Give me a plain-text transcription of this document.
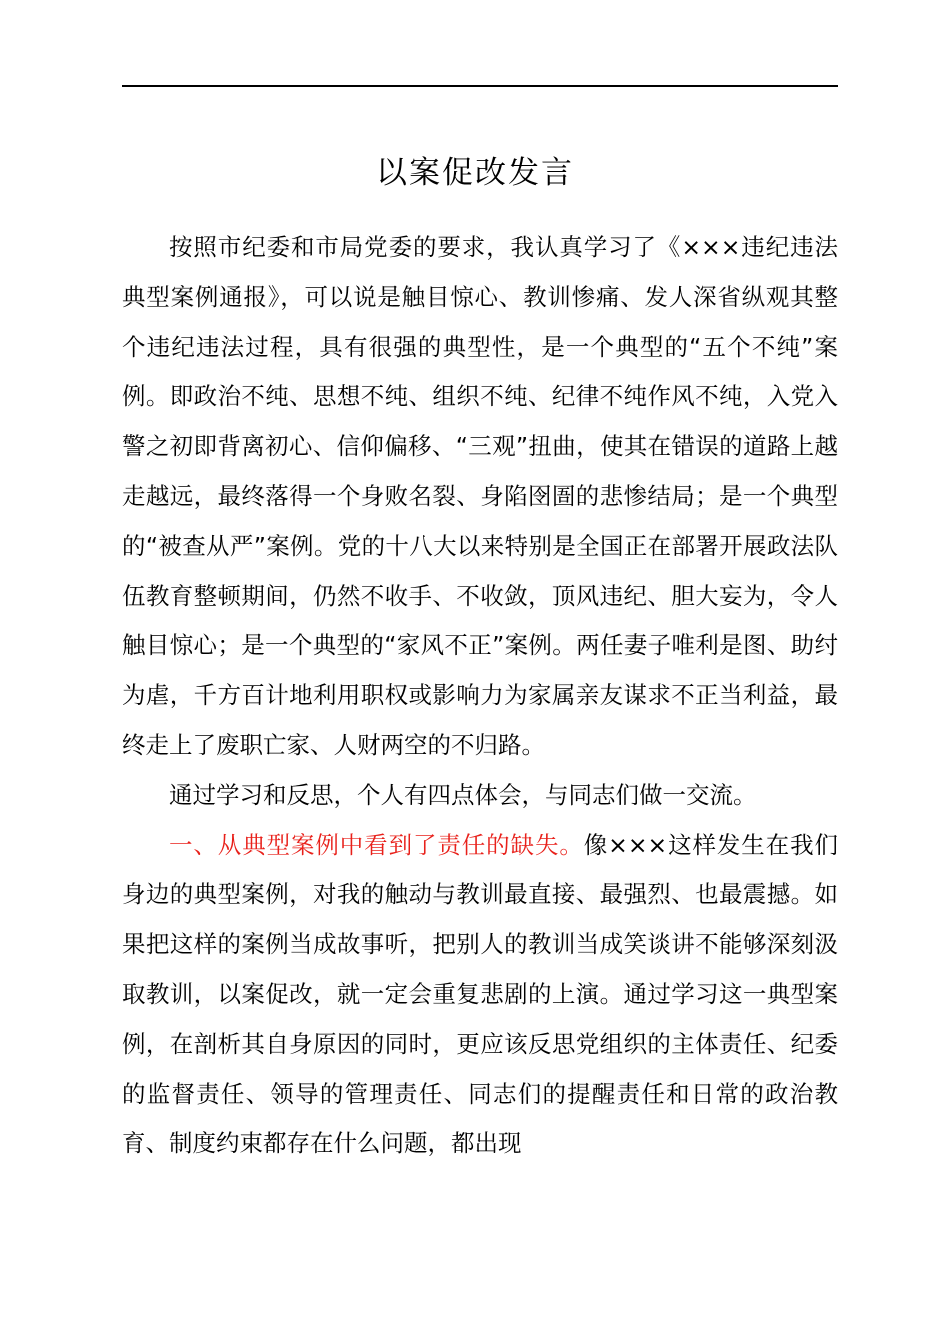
以案促改发言

按照市纪委和市局党委的要求，我认真学习了《×××违纪违法典型案例通报》，可以说是触目惊心、教训惨痛、发人深省纵观其整个违纪违法过程，具有很强的典型性，是一个典型的“五个不纯”案例。即政治不纯、思想不纯、组织不纯、纪律不纯作风不纯，入党入警之初即背离初心、信仰偏移、“三观”扭曲，使其在错误的道路上越走越远，最终落得一个身败名裂、身陷囹圄的悲惨结局；是一个典型的“被查从严”案例。党的十八大以来特别是全国正在部署开展政法队伍教育整顿期间，仍然不收手、不收敛，顶风违纪、胆大妄为，令人触目惊心；是一个典型的“家风不正”案例。两任妻子唯利是图、助纣为虐，千方百计地利用职权或影响力为家属亲友谋求不正当利益，最终走上了废职亡家、人财两空的不归路。

通过学习和反思，个人有四点体会，与同志们做一交流。

一、从典型案例中看到了责任的缺失。像×××这样发生在我们身边的典型案例，对我的触动与教训最直接、最强烈、也最震撼。如果把这样的案例当成故事听，把别人的教训当成笑谈讲不能够深刻汲取教训，以案促改，就一定会重复悲剧的上演。通过学习这一典型案例，在剖析其自身原因的同时，更应该反思党组织的主体责任、纪委的监督责任、领导的管理责任、同志们的提醒责任和日常的政治教育、制度约束都存在什么问题，都出现
